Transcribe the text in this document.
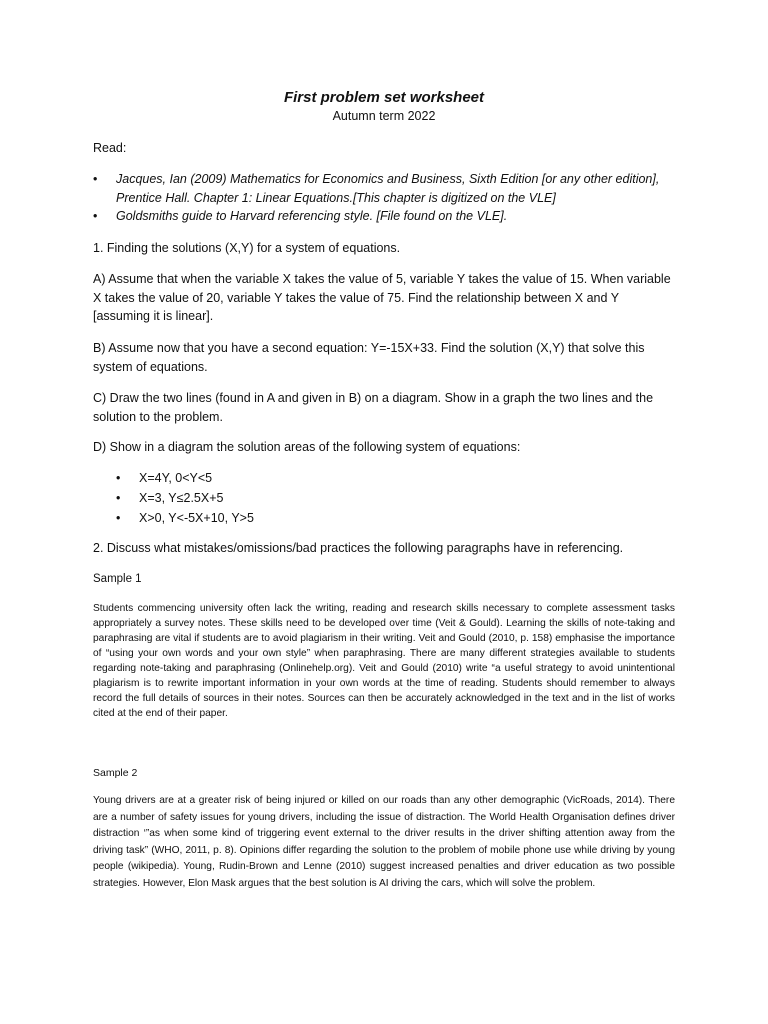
First problem set worksheet
Autumn term 2022
Read:
• Jacques, Ian (2009) Mathematics for Economics and Business, Sixth Edition [or any other edition], Prentice Hall. Chapter 1: Linear Equations.[This chapter is digitized on the VLE]
• Goldsmiths guide to Harvard referencing style. [File found on the VLE].
1. Finding the solutions (X,Y) for a system of equations.
A) Assume that when the variable X takes the value of 5, variable Y takes the value of 15. When variable X takes the value of 20, variable Y takes the value of 75. Find the relationship between X and Y [assuming it is linear].
B) Assume now that you have a second equation: Y=-15X+33. Find the solution (X,Y) that solve this system of equations.
C) Draw the two lines (found in A and given in B) on a diagram. Show in a graph the two lines and the solution to the problem.
D) Show in a diagram the solution areas of the following system of equations:
• X=4Y, 0<Y<5
• X=3, Y≤2.5X+5
• X>0, Y<-5X+10, Y>5
2. Discuss what mistakes/omissions/bad practices the following paragraphs have in referencing.
Sample 1
Students commencing university often lack the writing, reading and research skills necessary to complete assessment tasks appropriately a survey notes. These skills need to be developed over time (Veit & Gould). Learning the skills of note-taking and paraphrasing are vital if students are to avoid plagiarism in their writing. Veit and Gould (2010, p. 158) emphasise the importance of “using your own words and your own style” when paraphrasing. There are many different strategies available to students regarding note-taking and paraphrasing (Onlinehelp.org). Veit and Gould (2010) write “a useful strategy to avoid unintentional plagiarism is to rewrite important information in your own words at the time of reading. Students should remember to always record the full details of sources in their notes. Sources can then be accurately acknowledged in the text and in the list of works cited at the end of their paper.
Sample 2
Young drivers are at a greater risk of being injured or killed on our roads than any other demographic (VicRoads, 2014). There are a number of safety issues for young drivers, including the issue of distraction. The World Health Organisation defines driver distraction ‘”as when some kind of triggering event external to the driver results in the driver shifting attention away from the driving task” (WHO, 2011, p. 8). Opinions differ regarding the solution to the problem of mobile phone use while driving by young people (wikipedia). Young, Rudin-Brown and Lenne (2010) suggest increased penalties and driver education as two possible strategies. However, Elon Mask argues that the best solution is AI driving the cars, which will solve the problem.
